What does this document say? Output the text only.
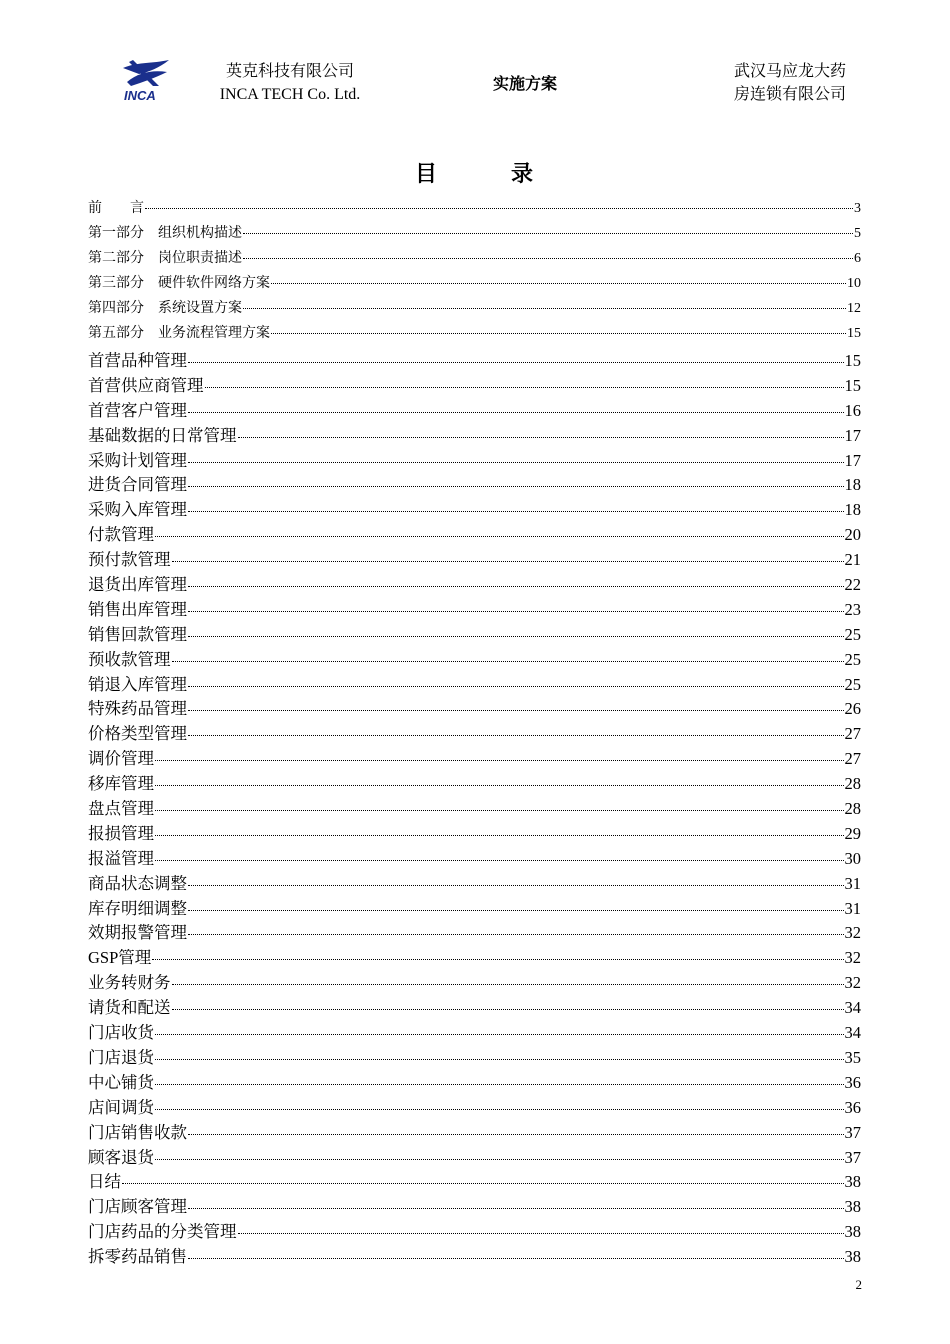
INCA
英克科技有限公司
INCA TECH Co. Ltd.
实施方案
武汉马应龙大药
房连锁有限公司
目	录
前　　言	3
第一部分　组织机构描述	5
第二部分　岗位职责描述	6
第三部分　硬件软件网络方案	10
第四部分　系统设置方案	12
第五部分　业务流程管理方案	15
首营品种管理	15
首营供应商管理	15
首营客户管理	16
基础数据的日常管理	17
采购计划管理	17
进货合同管理	18
采购入库管理	18
付款管理	20
预付款管理	21
退货出库管理	22
销售出库管理	23
销售回款管理	25
预收款管理	25
销退入库管理	25
特殊药品管理	26
价格类型管理	27
调价管理	27
移库管理	28
盘点管理	28
报损管理	29
报溢管理	30
商品状态调整	31
库存明细调整	31
效期报警管理	32
GSP管理	32
业务转财务	32
请货和配送	34
门店收货	34
门店退货	35
中心铺货	36
店间调货	36
门店销售收款	37
顾客退货	37
日结	38
门店顾客管理	38
门店药品的分类管理	38
拆零药品销售	38
2
